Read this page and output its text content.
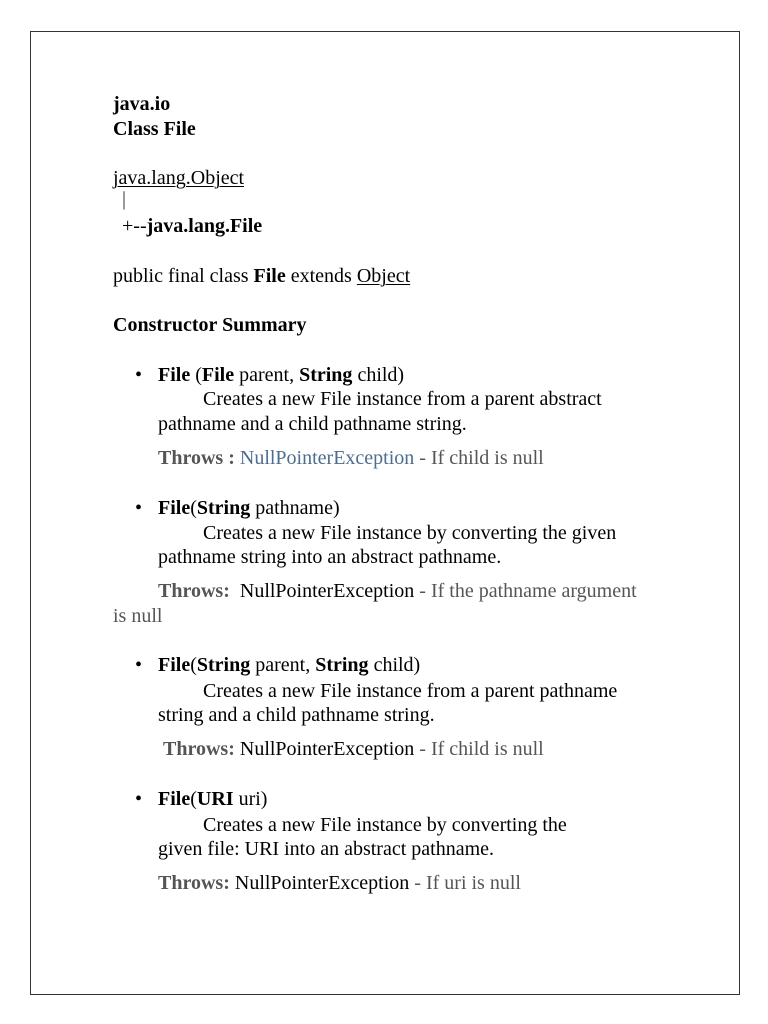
java.io
Class File
java.lang.Object
|
+--java.lang.File
public final class File extends Object
Constructor Summary
• File (File parent, String child)
Creates a new File instance from a parent abstract
pathname and a child pathname string.
Throws : NullPointerException - If child is null
• File(String pathname)
Creates a new File instance by converting the given
pathname string into an abstract pathname.
Throws: NullPointerException - If the pathname argument
is null
• File(String parent, String child)
Creates a new File instance from a parent pathname
string and a child pathname string.
Throws: NullPointerException - If child is null
• File(URI uri)
Creates a new File instance by converting the
given file: URI into an abstract pathname.
Throws: NullPointerException - If uri is null
